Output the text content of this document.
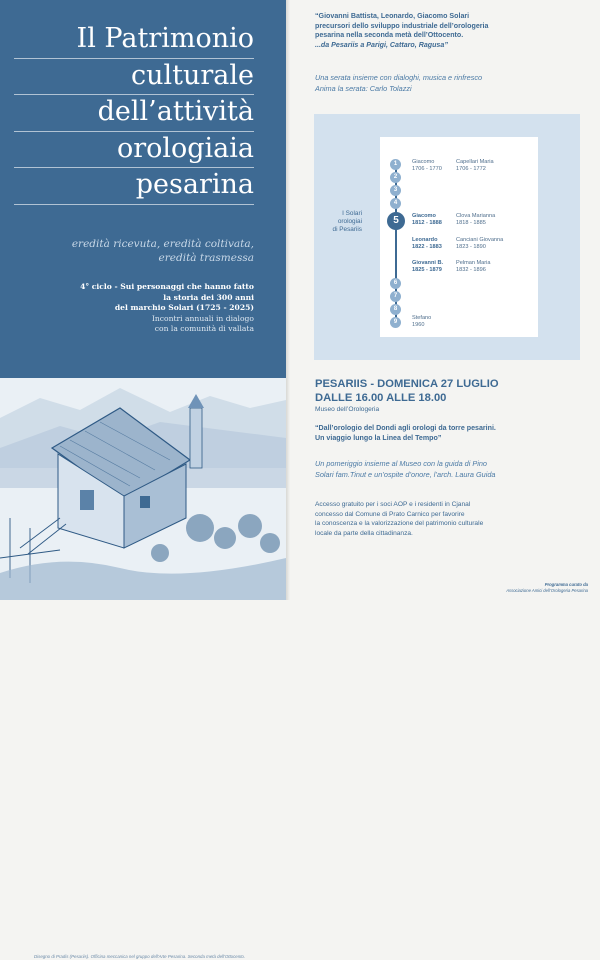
Il Patrimonio
culturale
dell’attività
orologiaia
pesarina
eredità ricevuta, eredità coltivata,
eredità trasmessa
4° ciclo - Sui personaggi che hanno fatto
la storia dei 300 anni
del marchio Solari (1725 - 2025)
Incontri annuali in dialogo
con la comunità di vallata
Disegno di Pradis (Pesariis). Officina meccanica nel gruppo dell'Arte Pesarina. Seconda metà dell'Ottocento.
“Giovanni Battista, Leonardo, Giacomo Solari
precursori dello sviluppo industriale dell’orologeria
pesarina nella seconda metà dell’Ottocento.
...da Pesariis a Parigi, Cattaro, Ragusa”
Una serata insieme con dialoghi, musica e rinfresco
Anima la serata: Carlo Tolazzi
PESARIIS - DOMENICA 27 LUGLIO
DALLE 16.00 ALLE 18.00
Museo dell’Orologeria
“Dall’orologio del Dondi agli orologi da torre pesarini.
Un viaggio lungo la Linea del Tempo”
Un pomeriggio insieme al Museo con la guida di Pino
Solari fam.Tinut e un’ospite d’onore, l’arch. Laura Guida
Accesso gratuito per i soci AOP e i residenti in Cjanal
concesso dal Comune di Prato Carnico per favorire
la conoscenza e la valorizzazione del patrimonio culturale
locale da parte della cittadinanza.
Programma curato da
Associazione Amici dell’Orologeria Pesarina
I Solari
orologiai
di Pesariis
1
2
3
4
5
6
7
8
9
Giacomo
1706 - 1770
Capellari Maria
1706 - 1772
Giacomo
1812 - 1888
Clova Marianna
1818 - 1885
Leonardo
1822 - 1883
Canciani Giovanna
1823 - 1890
Giovanni B.
1825 - 1879
Pelman Maria
1832 - 1896
Stefano
1960
